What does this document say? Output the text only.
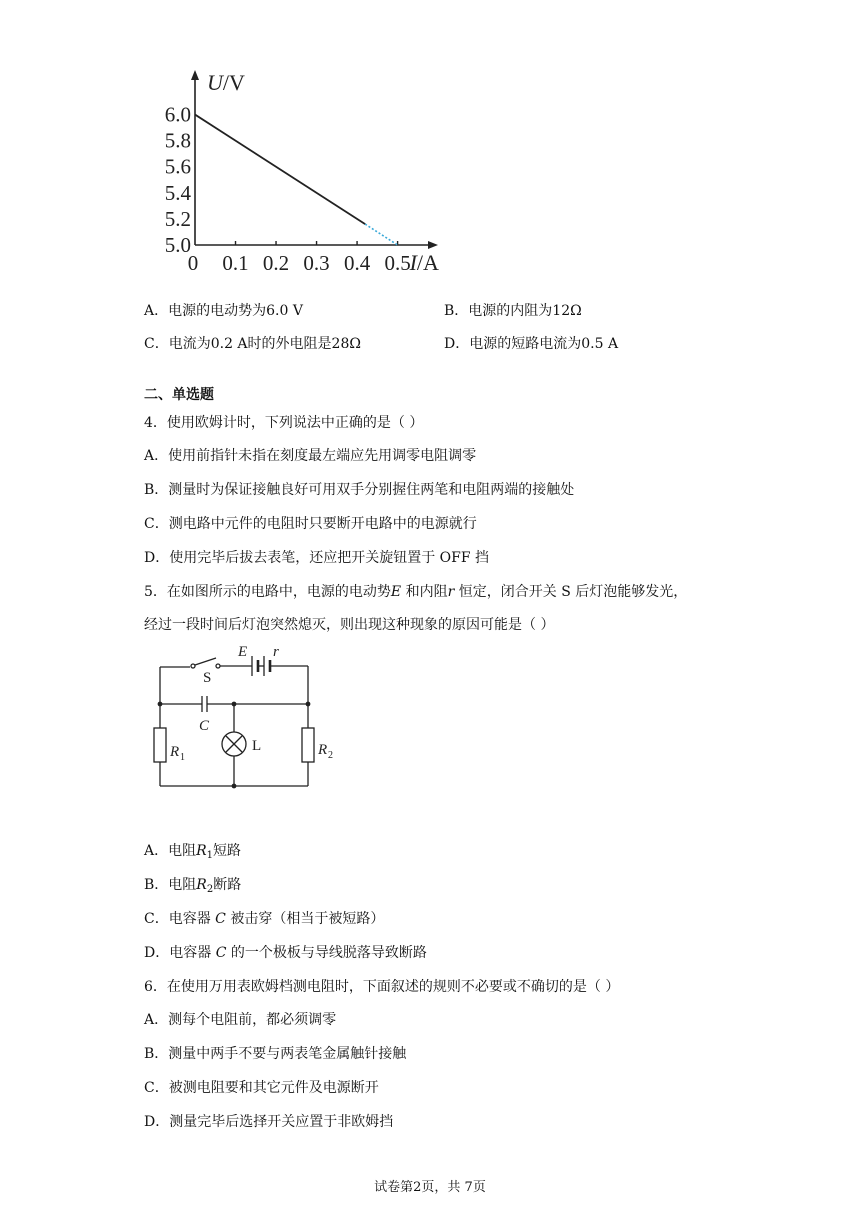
6.0
5.8
5.6
5.4
5.2
5.0
0 0.1 0.2 0.3 0.4 0.5
U/V
I/A
A．电源的电动势为6.0 V	B．电源的内阻为12Ω
C．电流为0.2 A时的外电阻是28Ω	D．电源的短路电流为0.5 A
二、单选题
4．使用欧姆计时，下列说法中正确的是（ ）
A．使用前指针未指在刻度最左端应先用调零电阻调零
B．测量时为保证接触良好可用双手分别握住两笔和电阻两端的接触处
C．测电路中元件的电阻时只要断开电路中的电源就行
D．使用完毕后拔去表笔，还应把开关旋钮置于 OFF 挡
5．在如图所示的电路中，电源的电动势E 和内阻r 恒定，闭合开关 S 后灯泡能够发光，
经过一段时间后灯泡突然熄灭，则出现这种现象的原因可能是（ ）
E r
S
C
L
R 1	R 2
A．电阻$R_1$短路
B．电阻$R_2$断路
C．电容器 C 被击穿（相当于被短路）
D．电容器 C 的一个极板与导线脱落导致断路
6．在使用万用表欧姆档测电阻时，下面叙述的规则不必要或不确切的是（ ）
A．测每个电阻前，都必须调零
B．测量中两手不要与两表笔金属触针接触
C．被测电阻要和其它元件及电源断开
D．测量完毕后选择开关应置于非欧姆挡
试卷第2页，共 7页
